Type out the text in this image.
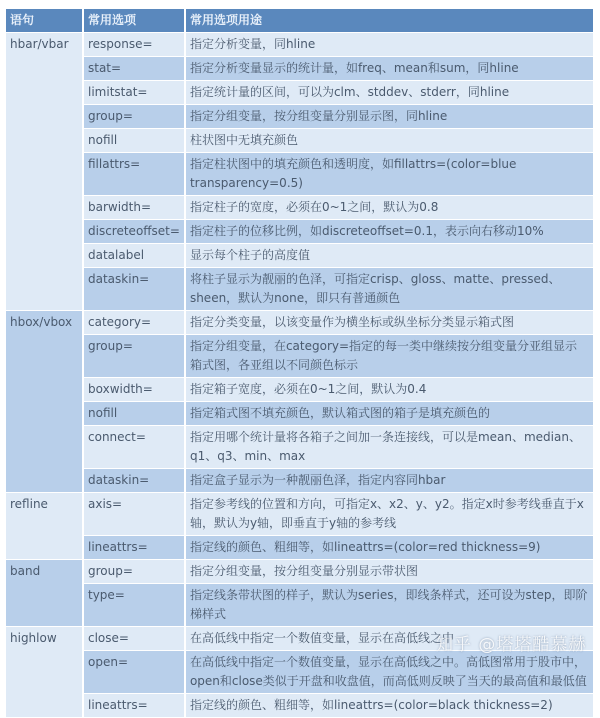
语句	常用选项	常用选项用途
hbar/vbar	response=	指定分析变量，同hline
	stat=	指定分析变量显示的统计量，如freq、mean和sum，同hline
	limitstat=	指定统计量的区间，可以为clm、stddev、stderr，同hline
	group=	指定分组变量，按分组变量分别显示图，同hline
	nofill	柱状图中无填充颜色
	fillattrs=	指定柱状图中的填充颜色和透明度，如fillattrs=(color=blue transparency=0.5)
	barwidth=	指定柱子的宽度，必须在0~1之间，默认为0.8
	discreteoffset=	指定柱子的位移比例，如discreteoffset=0.1，表示向右移动10%
	datalabel	显示每个柱子的高度值
	dataskin=	将柱子显示为靓丽的色泽，可指定crisp、gloss、matte、pressed、sheen，默认为none，即只有普通颜色
hbox/vbox	category=	指定分类变量，以该变量作为横坐标或纵坐标分类显示箱式图
	group=	指定分组变量，在category=指定的每一类中继续按分组变量分亚组显示箱式图，各亚组以不同颜色标示
	boxwidth=	指定箱子宽度，必须在0~1之间，默认为0.4
	nofill	指定箱式图不填充颜色，默认箱式图的箱子是填充颜色的
	connect=	指定用哪个统计量将各箱子之间加一条连接线，可以是mean、median、q1、q3、min、max
	dataskin=	指定盒子显示为一种靓丽色泽，指定内容同hbar
refline	axis=	指定参考线的位置和方向，可指定x、x2、y、y2。指定x时参考线垂直于x轴，默认为y轴，即垂直于y轴的参考线
	lineattrs=	指定线的颜色、粗细等，如lineattrs=(color=red thickness=9)
band	group=	指定分组变量，按分组变量分别显示带状图
	type=	指定线条带状图的样子，默认为series，即线条样式，还可设为step，即阶梯样式
highlow	close=	在高低线中指定一个数值变量，显示在高低线之中
	open=	在高低线中指定一个数值变量，显示在高低线之中。高低图常用于股市中，open和close类似于开盘和收盘值，而高低则反映了当天的最高值和最低值
	lineattrs=	指定线的颜色、粗细等，如lineattrs=(color=black thickness=2)
知乎 @塔塔酷慕赫
